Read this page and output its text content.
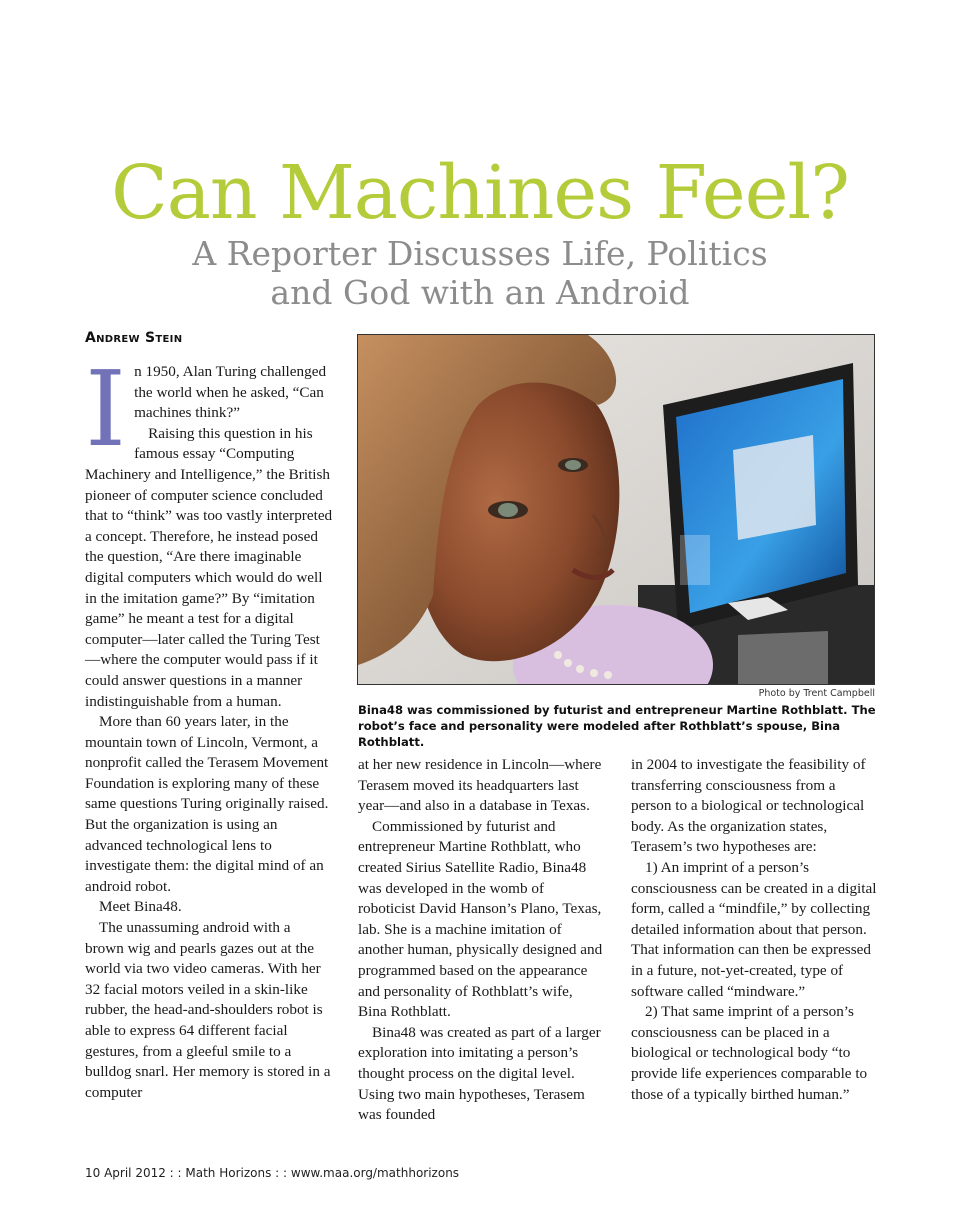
Can Machines Feel?
A Reporter Discusses Life, Politics
and God with an Android
Andrew Stein

In 1950, Alan Turing challenged the world when he asked, “Can machines think?”

Raising this question in his famous essay “Computing Machinery and Intelligence,” the British pioneer of computer science concluded that to “think” was too vastly interpreted a concept. Therefore, he instead posed the question, “Are there imaginable digital computers which would do well in the imitation game?” By “imitation game” he meant a test for a digital computer—later called the Turing Test—where the computer would pass if it could answer questions in a manner indistinguishable from a human.

More than 60 years later, in the mountain town of Lincoln, Vermont, a nonprofit called the Terasem Movement Foundation is exploring many of these same questions Turing originally raised. But the organization is using an advanced technological lens to investigate them: the digital mind of an android robot.

Meet Bina48.

The unassuming android with a brown wig and pearls gazes out at the world via two video cameras. With her 32 facial motors veiled in a skin-like rubber, the head-and-shoulders robot is able to express 64 different facial gestures, from a gleeful smile to a bulldog snarl. Her memory is stored in a computer

Photo by Trent Campbell
Bina48 was commissioned by futurist and entrepreneur Martine Rothblatt. The robot’s face and personality were modeled after Rothblatt’s spouse, Bina Rothblatt.

at her new residence in Lincoln—where Terasem moved its headquarters last year—and also in a database in Texas.

Commissioned by futurist and entrepreneur Martine Rothblatt, who created Sirius Satellite Radio, Bina48 was developed in the womb of roboticist David Hanson’s Plano, Texas, lab. She is a machine imitation of another human, physically designed and programmed based on the appearance and personality of Rothblatt’s wife, Bina Rothblatt.

Bina48 was created as part of a larger exploration into imitating a person’s thought process on the digital level. Using two main hypotheses, Terasem was founded

in 2004 to investigate the feasibility of transferring consciousness from a person to a biological or technological body. As the organization states, Terasem’s two hypotheses are:

1) An imprint of a person’s consciousness can be created in a digital form, called a “mindfile,” by collecting detailed information about that person. That information can then be expressed in a future, not-yet-created, type of software called “mindware.”

2) That same imprint of a person’s consciousness can be placed in a biological or technological body “to provide life experiences comparable to those of a typically birthed human.”

10 April 2012 : : Math Horizons : : www.maa.org/mathhorizons
